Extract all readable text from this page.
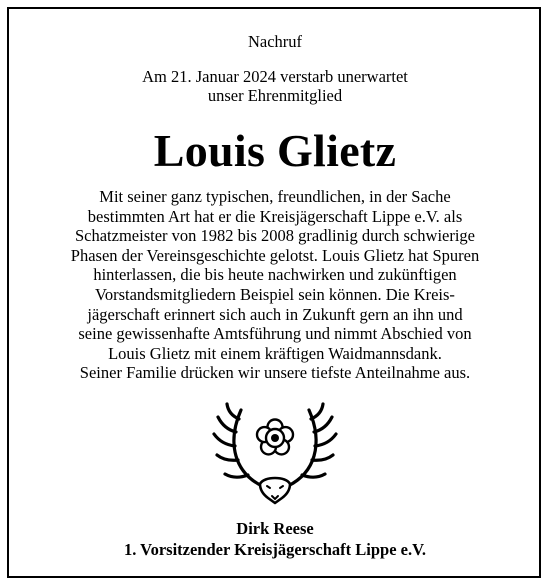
Nachruf
Am 21. Januar 2024 verstarb unerwartet
unser Ehrenmitglied
Louis Glietz
Mit seiner ganz typischen, freundlichen, in der Sache
bestimmten Art hat er die Kreisjägerschaft Lippe e.V. als
Schatzmeister von 1982 bis 2008 gradlinig durch schwierige
Phasen der Vereinsgeschichte gelotst. Louis Glietz hat Spuren
hinterlassen, die bis heute nachwirken und zukünftigen
Vorstandsmitgliedern Beispiel sein können. Die Kreis-
jägerschaft erinnert sich auch in Zukunft gern an ihn und
seine gewissenhafte Amtsführung und nimmt Abschied von
Louis Glietz mit einem kräftigen Waidmannsdank.
Seiner Familie drücken wir unsere tiefste Anteilnahme aus.
Dirk Reese
1. Vorsitzender Kreisjägerschaft Lippe e.V.
